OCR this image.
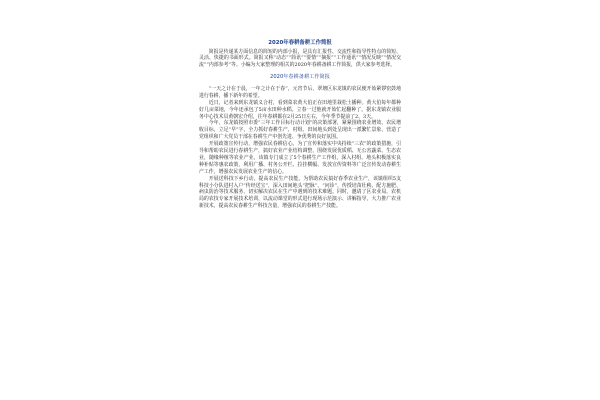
2020年春耕备耕工作简报

简报是传递某方面信息的简短的内部小报，是具有汇报性、交流性和指导性特点的简短、灵活、快捷的书面形式。简报又称“动态”“简讯”“要情”“摘报”“工作通讯”“情况反映”“情况交流”“内部参考”等。小编为大家整理的相关的2020年春耕备耕工作简报，供大家参考选择。

2020年春耕备耕工作简报

“一天之计在于晨，一年之计在于春”，元宵节后，翠塘区东龙镇的农民便开始紧锣密鼓地进行春耕，播下新年的希望。

近日，记者来到东龙镇义合村，看到菜农黄大伯正在田地里栽松土播种。黄大伯每年都种好几亩菜地，今年还承包了5亩水田种水稻。立春一过他就开始忙起翻种了。据东龙镇农业服务中心技术员黄朝宏介绍，往年春耕都在2月25日左右，今年季节提前了2、3天。

今年，东龙镇按照市委“三年工作目标行动计划”的决策部署，紧紧围绕农业增效、农民增收目标，立足“早”字，全力抓好春耕生产，村组、田间地头到处呈现出一派繁忙景象，营造了党组织和广大党员干部在春耕生产中创先进、争优秀的良好氛围。

开展政策宣传行动，增强农民春耕信心。为了宣传和落实中央持续“三农”的政策措施，引导和帮助农民进行春耕生产，搞好农业产业结构调整，围绕发展优质稻、无公害蔬菜、生态农业，随缘种植等农业产业，该镇专门成立了5个春耕生产工作组，深入村组，地头积极落实良种补贴等惠农政策，利用广播、村务公开栏、拉挂横幅、发放宣传资料等广泛宣传发动春耕生产工作，增强农民发展农业生产的信心。

开展送科技下乡行动，提高农民生产技能。为帮助农民搞好春季农业生产，该镇组织5支科技小分队进村入户“传经送宝”，深入田间地头“把脉”、“问诊”，传授培苗壮秧、配方施肥、病虫防治等技术服务，切实解决农民在生产中遇到的技术难题。同时，邀请了区农业局、农机局的农技专家开展技术培训，以流动课堂的形式进行现场示范演示、讲解指导，大力推广农业新技术，提高农民春耕生产科技含量，增强农民的春耕生产技能。
